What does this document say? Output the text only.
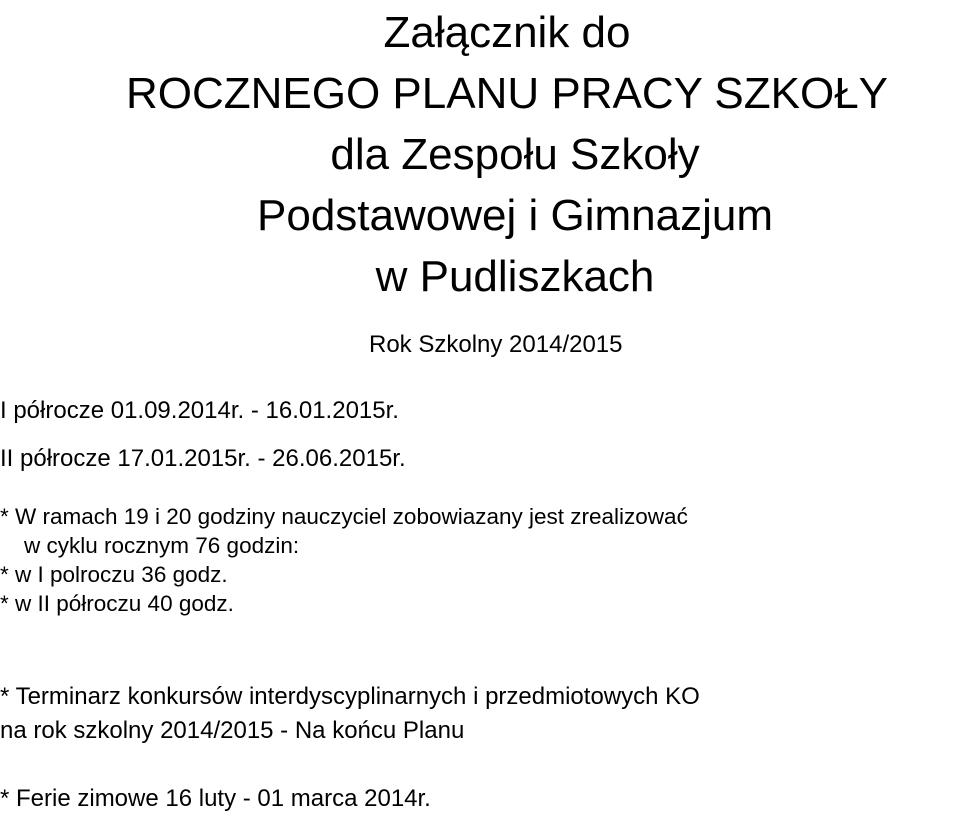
Załącznik do
ROCZNEGO PLANU PRACY SZKOŁY
dla Zespołu Szkoły
Podstawowej i Gimnazjum
w Pudliszkach
Rok Szkolny 2014/2015
I półrocze 01.09.2014r. - 16.01.2015r.
II półrocze 17.01.2015r. - 26.06.2015r.
* W ramach 19 i 20 godziny nauczyciel zobowiazany jest zrealizować
w cyklu rocznym 76 godzin:
* w I polroczu 36 godz.
* w II półroczu 40 godz.
* Terminarz konkursów interdyscyplinarnych i przedmiotowych KO
na rok szkolny 2014/2015 - Na końcu Planu
* Ferie zimowe 16 luty - 01 marca 2014r.
